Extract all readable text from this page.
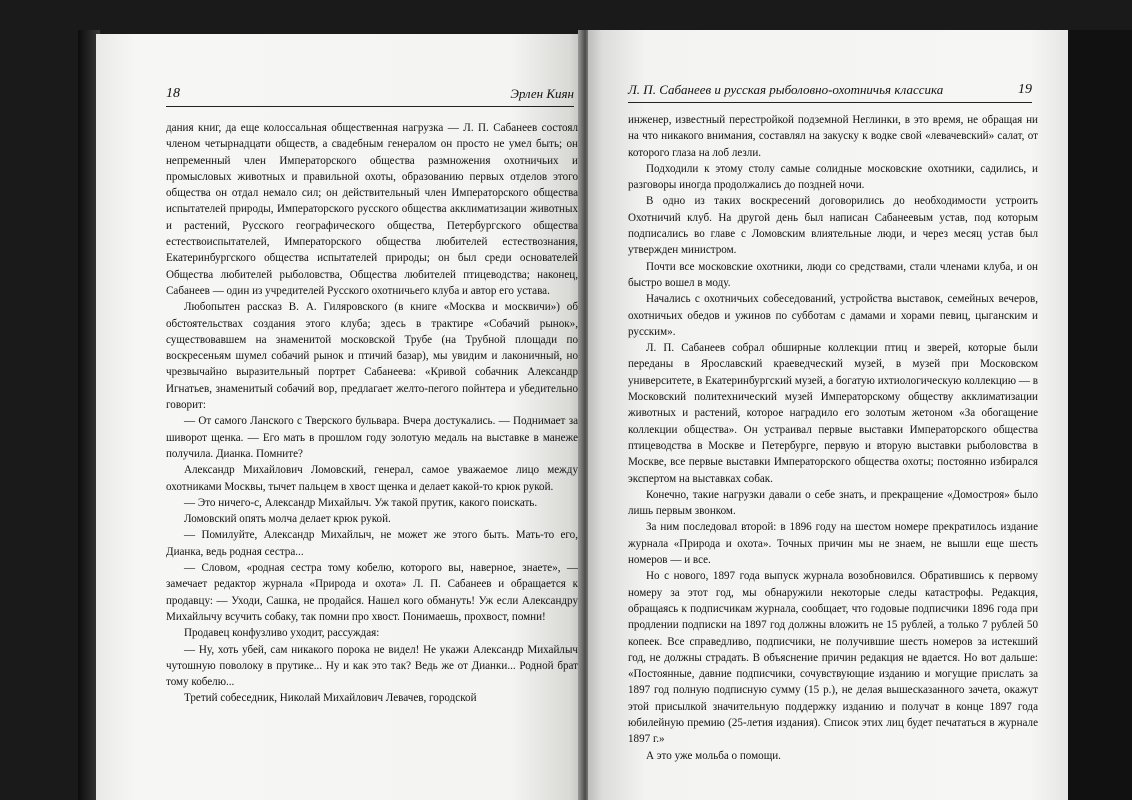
18	Эрлен Киян

дания книг, да еще колоссальная общественная нагрузка — Л. П. Сабанеев состоял членом четырнадцати обществ, а свадебным генералом он просто не умел быть; он непременный член Императорского общества размножения охотничьих и промысловых животных и правильной охоты, образованию первых отделов этого общества он отдал немало сил; он действительный член Императорского общества испытателей природы, Императорского русского общества акклиматизации животных и растений, Русского географического общества, Петербургского общества естествоиспытателей, Императорского общества любителей естествознания, Екатеринбургского общества испытателей природы; он был среди основателей Общества любителей рыболовства, Общества любителей птицеводства; наконец, Сабанеев — один из учредителей Русского охотничьего клуба и автор его устава.

Любопытен рассказ В. А. Гиляровского (в книге «Москва и москвичи») об обстоятельствах создания этого клуба; здесь в трактире «Собачий рынок», существовавшем на знаменитой московской Трубе (на Трубной площади по воскресеньям шумел собачий рынок и птичий базар), мы увидим и лаконичный, но чрезвычайно выразительный портрет Сабанеева: «Кривой собачник Александр Игнатьев, знаменитый собачий вор, предлагает желто-пегого пойнтера и убедительно говорит:

— От самого Ланского с Тверского бульвара. Вчера достукались. — Поднимает за шиворот щенка. — Его мать в прошлом году золотую медаль на выставке в манеже получила. Дианка. Помните?

Александр Михайлович Ломовский, генерал, самое уважаемое лицо между охотниками Москвы, тычет пальцем в хвост щенка и делает какой-то крюк рукой.

— Это ничего-с, Александр Михайлыч. Уж такой прутик, какого поискать.

Ломовский опять молча делает крюк рукой.

— Помилуйте, Александр Михайлыч, не может же этого быть. Мать-то его, Дианка, ведь родная сестра...

— Словом, «родная сестра тому кобелю, которого вы, наверное, знаете», — замечает редактор журнала «Природа и охота» Л. П. Сабанеев и обращается к продавцу: — Уходи, Сашка, не продайся. Нашел кого обмануть! Уж если Александру Михайлычу всучить собаку, так помни про хвост. Понимаешь, прохвост, помни!

Продавец конфузливо уходит, рассуждая:

— Ну, хоть убей, сам никакого порока не видел! Не укажи Александр Михайлыч чутошную поволоку в прутике... Ну и как это так? Ведь же от Дианки... Родной брат тому кобелю...

Третий собеседник, Николай Михайлович Левачев, городской

Л. П. Сабанеев и русская рыболовно-охотничья классика	19

инженер, известный перестройкой подземной Неглинки, в это время, не обращая ни на что никакого внимания, составлял на закуску к водке свой «левачевский» салат, от которого глаза на лоб лезли.

Подходили к этому столу самые солидные московские охотники, садились, и разговоры иногда продолжались до поздней ночи.

В одно из таких воскресений договорились до необходимости устроить Охотничий клуб. На другой день был написан Сабанеевым устав, под которым подписались во главе с Ломовским влиятельные люди, и через месяц устав был утвержден министром.

Почти все московские охотники, люди со средствами, стали членами клуба, и он быстро вошел в моду.

Начались с охотничьих собеседований, устройства выставок, семейных вечеров, охотничьих обедов и ужинов по субботам с дамами и хорами певиц, цыганским и русским».

Л. П. Сабанеев собрал обширные коллекции птиц и зверей, которые были переданы в Ярославский краеведческий музей, в музей при Московском университете, в Екатеринбургский музей, а богатую ихтиологическую коллекцию — в Московский политехнический музей Императорскому обществу акклиматизации животных и растений, которое наградило его золотым жетоном «За обогащение коллекции общества». Он устраивал первые выставки Императорского общества птицеводства в Москве и Петербурге, первую и вторую выставки рыболовства в Москве, все первые выставки Императорского общества охоты; постоянно избирался экспертом на выставках собак.

Конечно, такие нагрузки давали о себе знать, и прекращение «Домостроя» было лишь первым звонком.

За ним последовал второй: в 1896 году на шестом номере прекратилось издание журнала «Природа и охота». Точных причин мы не знаем, не вышли еще шесть номеров — и все.

Но с нового, 1897 года выпуск журнала возобновился. Обратившись к первому номеру за этот год, мы обнаружили некоторые следы катастрофы. Редакция, обращаясь к подписчикам журнала, сообщает, что годовые подписчики 1896 года при продлении подписки на 1897 год должны вложить не 15 рублей, а только 7 рублей 50 копеек. Все справедливо, подписчики, не получившие шесть номеров за истекший год, не должны страдать. В объяснение причин редакция не вдается. Но вот дальше: «Постоянные, давние подписчики, сочувствующие изданию и могущие прислать за 1897 год полную подписную сумму (15 р.), не делая вышесказанного зачета, окажут этой присылкой значительную поддержку изданию и получат в конце 1897 года юбилейную премию (25-летия издания). Список этих лиц будет печататься в журнале 1897 г.»

А это уже мольба о помощи.
